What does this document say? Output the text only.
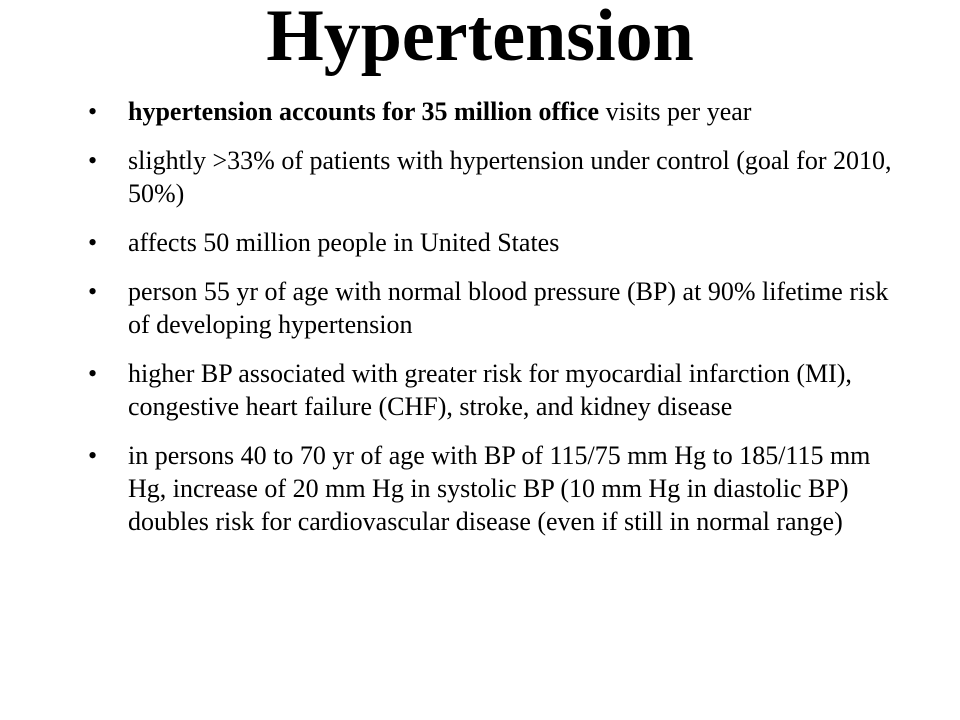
Hypertension
•	hypertension accounts for 35 million office visits per year
•	slightly >33% of patients with hypertension under control (goal for 2010, 50%)
•	affects 50 million people in United States
•	person 55 yr of age with normal blood pressure (BP) at 90% lifetime risk of developing hypertension
•	higher BP associated with greater risk for myocardial infarction (MI), congestive heart failure (CHF), stroke, and kidney disease
•	in persons 40 to 70 yr of age with BP of 115/75 mm Hg to 185/115 mm Hg, increase of 20 mm Hg in systolic BP (10 mm Hg in diastolic BP) doubles risk for cardiovascular disease (even if still in normal range)
